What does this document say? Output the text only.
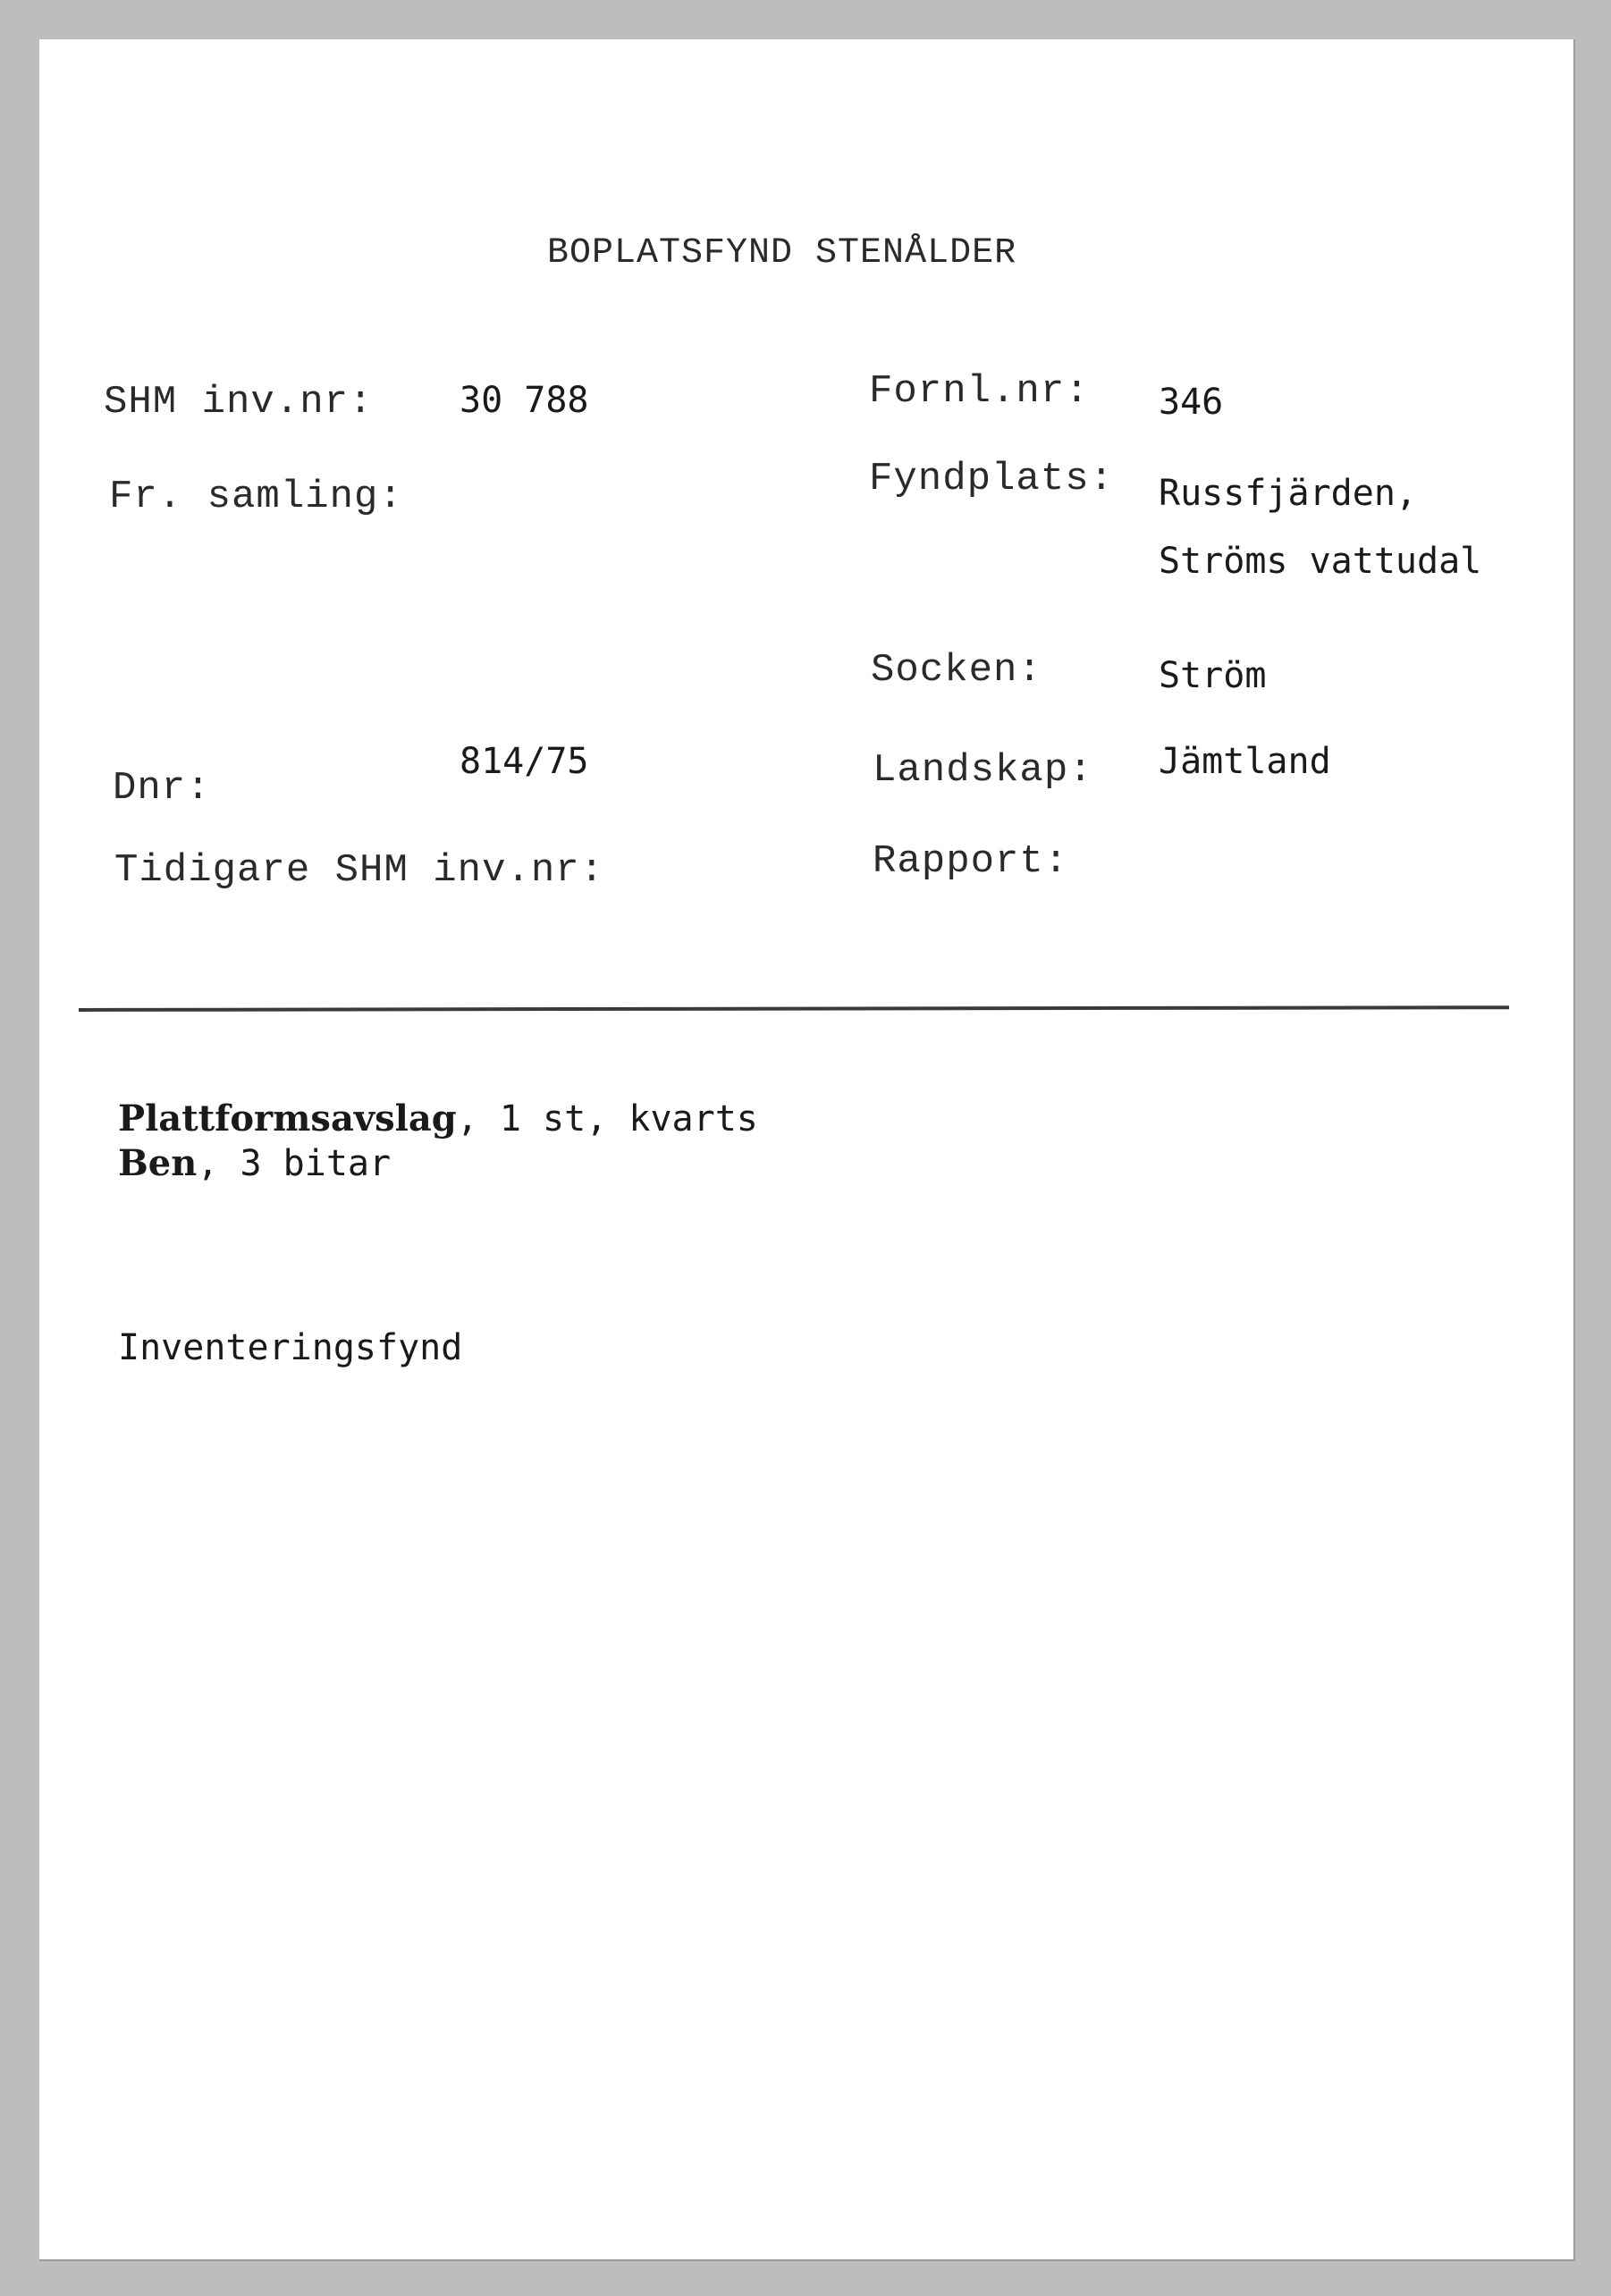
BOPLATSFYND STENÅLDER
SHM inv.nr: 30 788
Fr. samling:
Dnr:
814/75
Tidigare SHM inv.nr:
Fornl.nr: 346
Fyndplats: Russfjärden,
Ströms vattudal
Socken:	Ström
Landskap: Jämtland
Rapport:
Plattformsavslag, 1 st, kvarts
Ben, 3 bitar
Inventeringsfynd
